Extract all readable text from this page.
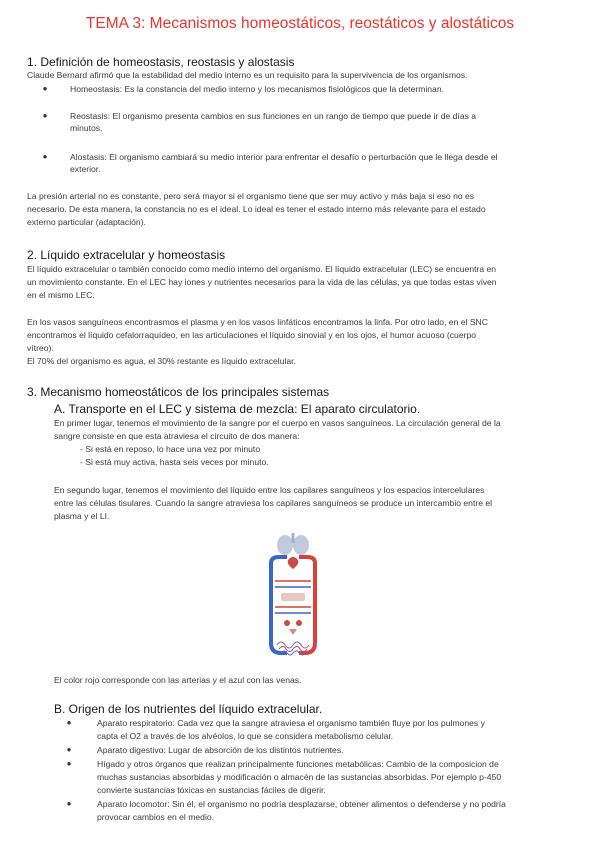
TEMA 3: Mecanismos homeostáticos, reostáticos y alostáticos
1. Definición de homeostasis, reostasis y alostasis
Claude Bernard afirmó que la estabilidad del medio interno es un requisito para la supervivencia de los organismos.
●	Homeostasis: Es la constancia del medio interno y los mecanismos fisiológicos que la determinan.
●	Reostasis: El organismo presenta cambios en sus funciones en un rango de tiempo que puede ir de días a
minutos.
●	Alostasis: El organismo cambiará su medio interior para enfrentar el desafío o perturbación que le llega desde el
exterior.
La presión arterial no es constante, pero será mayor si el organismo tiene que ser muy activo y más baja si eso no es
necesario. De esta manera, la constancia no es el ideal. Lo ideal es tener el estado interno más relevante para el estado
externo particular (adaptación).
2. Líquido extracelular y homeostasis
El líquido extracelular o también conocido como medio interno del organismo. El líquido extracelular (LEC) se encuentra en
un movimiento constante. En el LEC hay iones y nutrientes necesarios para la vida de las células, ya que todas estas viven
en el mismo LEC.
En los vasos sanguíneos encontrasmos el plasma y en los vasos linfáticos encontramos la linfa. Por otro lado, en el SNC
encontramos el líquido cefalorraquídeo, en las articulaciones el líquido sinovial y en los ojos, el humor acuoso (cuerpo
vítreo).
El 70% del organismo es agua, el 30% restante es líquido extracelular.
3. Mecanismo homeostáticos de los principales sistemas
A. Transporte en el LEC y sistema de mezcla: El aparato circulatorio.
En primer lugar, tenemos el movimiento de la sangre por el cuerpo en vasos sanguíneos. La circulación general de la
sangre consiste en que esta atraviesa el circuito de dos manera:
- Si está en reposo, lo hace una vez por minuto
- Si está muy activa, hasta seis veces por minuto.
En segundo lugar, tenemos el movimiento del líquido entre los capilares sanguíneos y los espacios intercelulares
entre las células tisulares. Cuando la sangre atraviesa los capilares sanguíneos se produce un intercambio entre el
plasma y el LI.
El color rojo corresponde con las arterias y el azul con las venas.
B. Origen de los nutrientes del líquido extracelular.
●	Aparato respiratorio: Cada vez que la sangre atraviesa el organismo también fluye por los pulmones y
capta el O2 a través de los alvéolos, lo que se considera metabolismo celular.
●	Aparato digestivo: Lugar de absorción de los distintos nutrientes.
●	Hígado y otros órganos que realizan principalmente funciones metabólicas: Cambio de la composicion de
muchas sustancias absorbidas y modificación o almacén de las sustancias absorbidas. Por ejemplo p-450
convierte sustancias tóxicas en sustancias fáciles de digerir.
●	Aparato locomotor: Sin él, el organismo no podría desplazarse, obtener alimentos o defenderse y no podría
provocar cambios en el medio.
